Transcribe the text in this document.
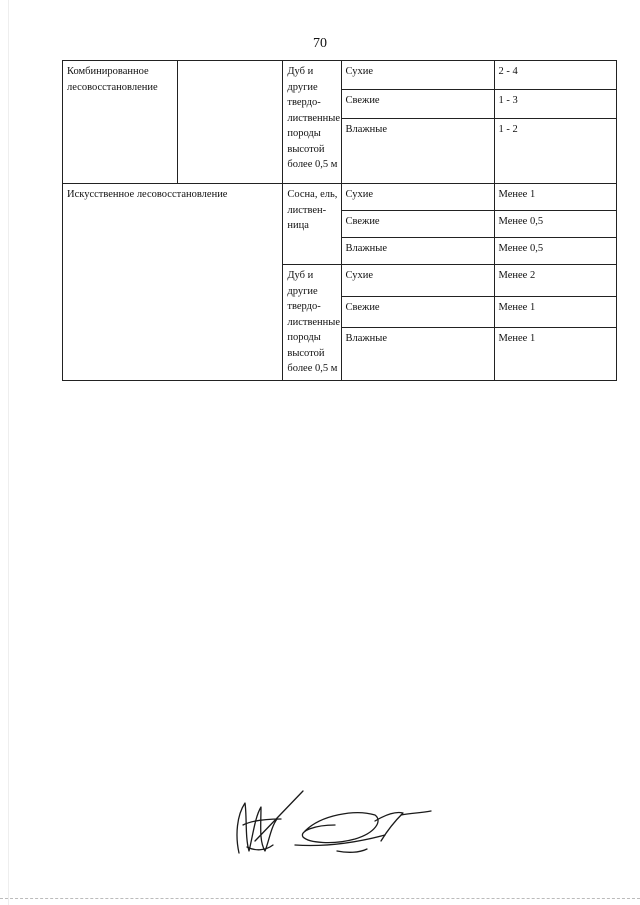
70
Комбинированное лесовосстановление		Дуб и другие твердо-лиственные породы высотой более 0,5 м	Сухие	2 - 4
			Свежие	1 - 3
			Влажные	1 - 2
Искусственное лесовосстановление		Сосна, ель, листвен-ница	Сухие	Менее 1
			Свежие	Менее 0,5
			Влажные	Менее 0,5
		Дуб и другие твердо-лиственные породы высотой более 0,5 м	Сухие	Менее 2
			Свежие	Менее 1
			Влажные	Менее 1
